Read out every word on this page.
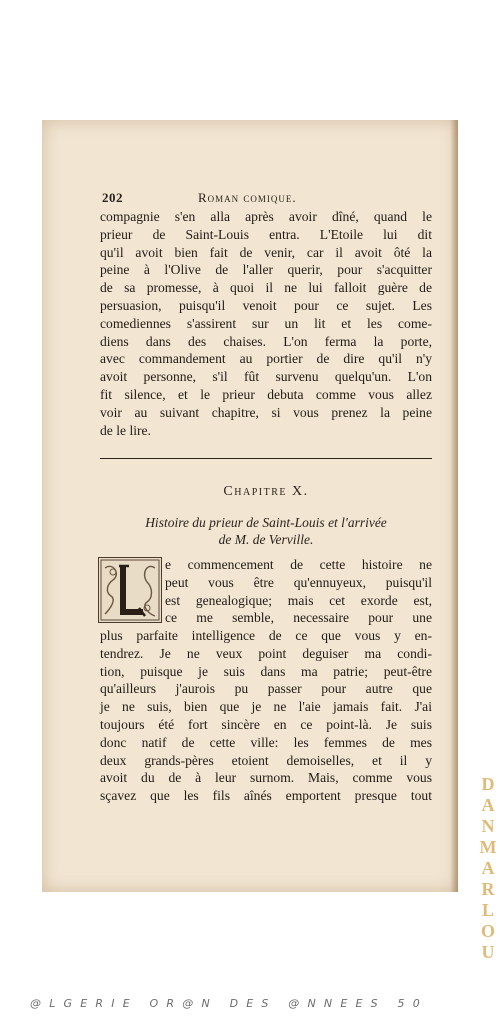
202	Roman comique.
compagnie s'en alla après avoir dîné, quand le
prieur de Saint-Louis entra. L'Etoile lui dit
qu'il avoit bien fait de venir, car il avoit ôté la
peine à l'Olive de l'aller querir, pour s'acquitter
de sa promesse, à quoi il ne lui falloit guère de
persuasion, puisqu'il venoit pour ce sujet. Les
comediennes s'assirent sur un lit et les come-
diens dans des chaises. L'on ferma la porte,
avec commandement au portier de dire qu'il n'y
avoit personne, s'il fût survenu quelqu'un. L'on
fit silence, et le prieur debuta comme vous allez
voir au suivant chapitre, si vous prenez la peine
de le lire.
Chapitre X.
Histoire du prieur de Saint-Louis et l'arrivée
de M. de Verville.
e commencement de cette histoire ne
peut vous être qu'ennuyeux, puisqu'il
est genealogique; mais cet exorde est,
ce me semble, necessaire pour une
plus parfaite intelligence de ce que vous y en-
tendrez. Je ne veux point deguiser ma condi-
tion, puisque je suis dans ma patrie; peut-être
qu'ailleurs j'aurois pu passer pour autre que
je ne suis, bien que je ne l'aie jamais fait. J'ai
toujours été fort sincère en ce point-là. Je suis
donc natif de cette ville: les femmes de mes
deux grands-pères etoient demoiselles, et il y
avoit du de à leur surnom. Mais, comme vous
sçavez que les fils aînés emportent presque tout
D
A
N
M
A
R
L
O
U
@LGERIE OR@N DES @NNEES 50
